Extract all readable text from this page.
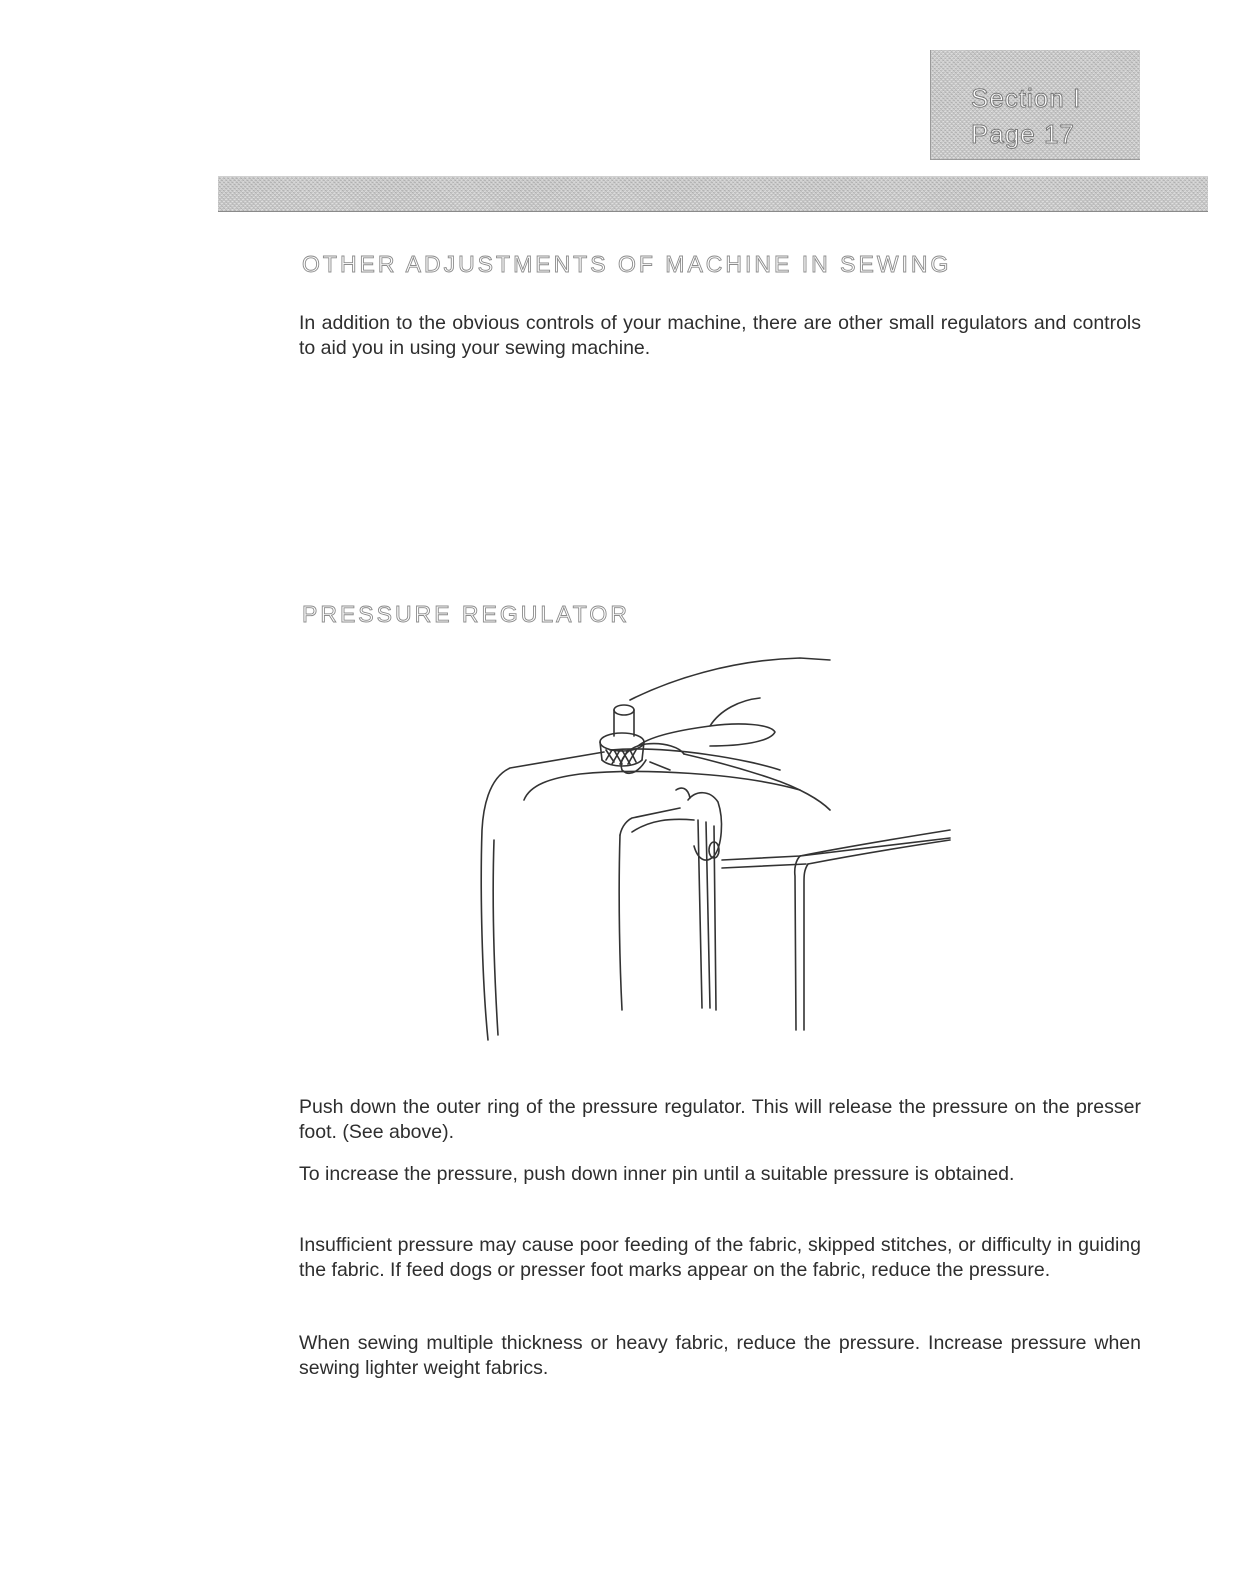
Section I
Page 17
OTHER ADJUSTMENTS OF MACHINE IN SEWING

In addition to the obvious controls of your machine, there are other small regulators and controls to aid you in using your sewing machine.

PRESSURE REGULATOR

Push down the outer ring of the pressure regulator. This will release the pressure on the presser foot. (See above).

To increase the pressure, push down inner pin until a suitable pressure is obtained.

Insufficient pressure may cause poor feeding of the fabric, skipped stitches, or difficulty in guiding the fabric. If feed dogs or presser foot marks appear on the fabric, reduce the pressure.

When sewing multiple thickness or heavy fabric, reduce the pressure. Increase pressure when sewing lighter weight fabrics.
